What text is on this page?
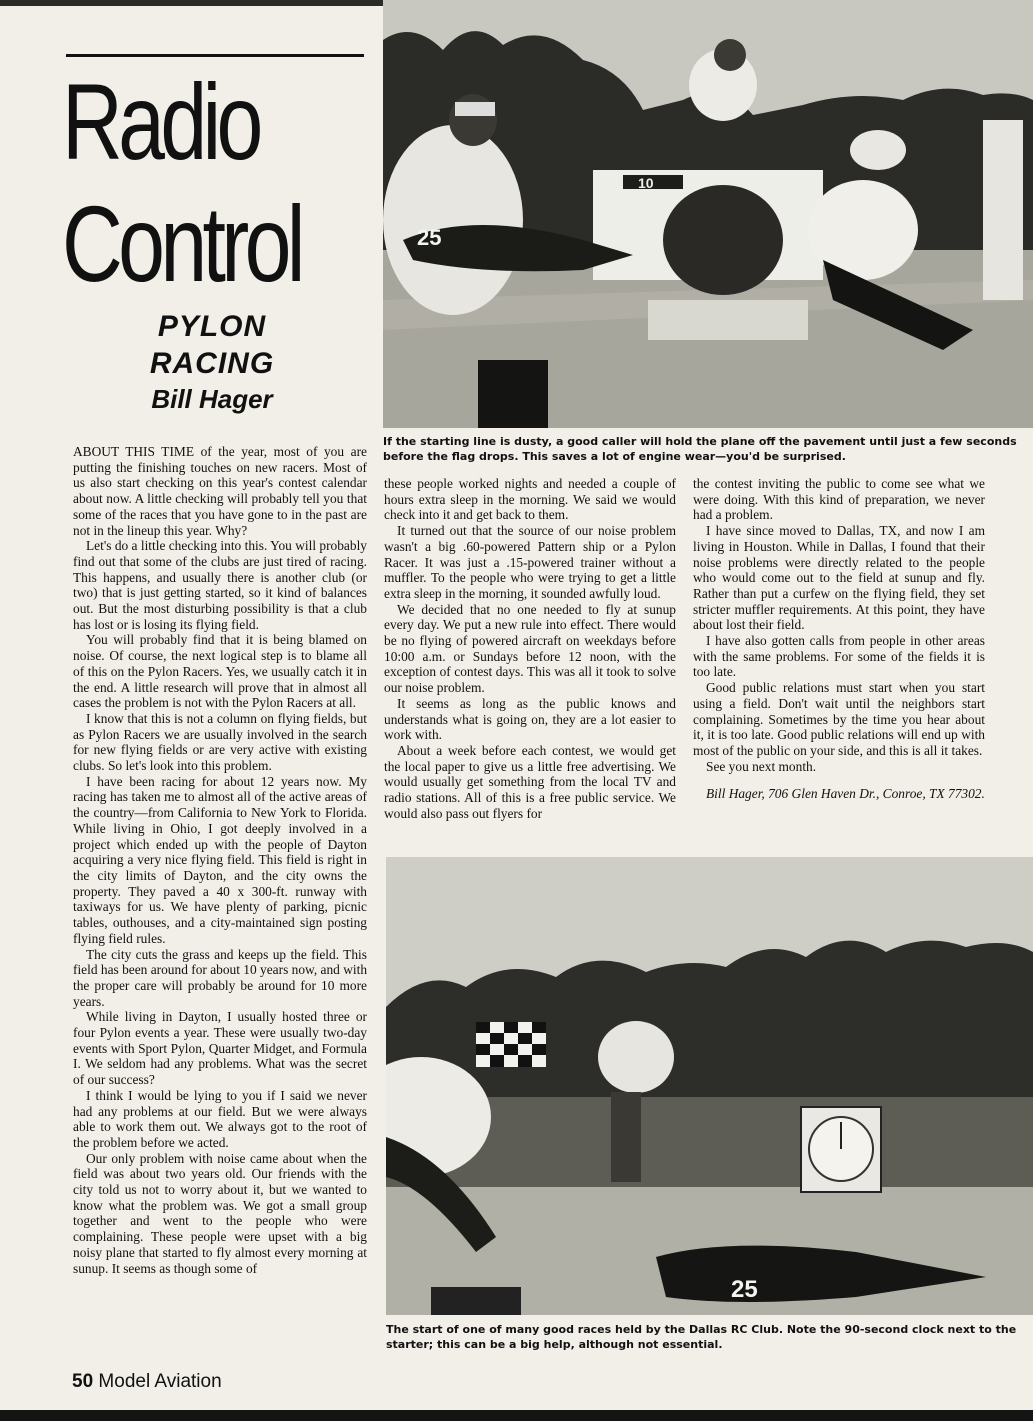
Radio
Control
PYLON
RACING
Bill Hager
10
25
If the starting line is dusty, a good caller will hold the plane off the pavement until just a few seconds before the flag drops. This saves a lot of engine wear—you'd be surprised.

ABOUT THIS TIME of the year, most of you are putting the finishing touches on new racers. Most of us also start checking on this year's contest calendar about now. A little checking will probably tell you that some of the races that you have gone to in the past are not in the lineup this year. Why?

Let's do a little checking into this. You will probably find out that some of the clubs are just tired of racing. This happens, and usually there is another club (or two) that is just getting started, so it kind of balances out. But the most disturbing possibility is that a club has lost or is losing its flying field.

You will probably find that it is being blamed on noise. Of course, the next logical step is to blame all of this on the Pylon Racers. Yes, we usually catch it in the end. A little research will prove that in almost all cases the problem is not with the Pylon Racers at all.

I know that this is not a column on flying fields, but as Pylon Racers we are usually involved in the search for new flying fields or are very active with existing clubs. So let's look into this problem.

I have been racing for about 12 years now. My racing has taken me to almost all of the active areas of the country—from California to New York to Florida. While living in Ohio, I got deeply involved in a project which ended up with the people of Dayton acquiring a very nice flying field. This field is right in the city limits of Dayton, and the city owns the property. They paved a 40 x 300-ft. runway with taxiways for us. We have plenty of parking, picnic tables, outhouses, and a city-maintained sign posting flying field rules.

The city cuts the grass and keeps up the field. This field has been around for about 10 years now, and with the proper care will probably be around for 10 more years.

While living in Dayton, I usually hosted three or four Pylon events a year. These were usually two-day events with Sport Pylon, Quarter Midget, and Formula I. We seldom had any problems. What was the secret of our success?

I think I would be lying to you if I said we never had any problems at our field. But we were always able to work them out. We always got to the root of the problem before we acted.

Our only problem with noise came about when the field was about two years old. Our friends with the city told us not to worry about it, but we wanted to know what the problem was. We got a small group together and went to the people who were complaining. These people were upset with a big noisy plane that started to fly almost every morning at sunup. It seems as though some of

these people worked nights and needed a couple of hours extra sleep in the morning. We said we would check into it and get back to them.

It turned out that the source of our noise problem wasn't a big .60-powered Pattern ship or a Pylon Racer. It was just a .15-powered trainer without a muffler. To the people who were trying to get a little extra sleep in the morning, it sounded awfully loud.

We decided that no one needed to fly at sunup every day. We put a new rule into effect. There would be no flying of powered aircraft on weekdays before 10:00 a.m. or Sundays before 12 noon, with the exception of contest days. This was all it took to solve our noise problem.

It seems as long as the public knows and understands what is going on, they are a lot easier to work with.

About a week before each contest, we would get the local paper to give us a little free advertising. We would usually get something from the local TV and radio stations. All of this is a free public service. We would also pass out flyers for

the contest inviting the public to come see what we were doing. With this kind of preparation, we never had a problem.

I have since moved to Dallas, TX, and now I am living in Houston. While in Dallas, I found that their noise problems were directly related to the people who would come out to the field at sunup and fly. Rather than put a curfew on the flying field, they set stricter muffler requirements. At this point, they have about lost their field.

I have also gotten calls from people in other areas with the same problems. For some of the fields it is too late.

Good public relations must start when you start using a field. Don't wait until the neighbors start complaining. Sometimes by the time you hear about it, it is too late. Good public relations will end up with most of the public on your side, and this is all it takes.

See you next month.

Bill Hager, 706 Glen Haven Dr., Conroe, TX 77302.

25
The start of one of many good races held by the Dallas RC Club. Note the 90-second clock next to the starter; this can be a big help, although not essential.
50 Model Aviation
